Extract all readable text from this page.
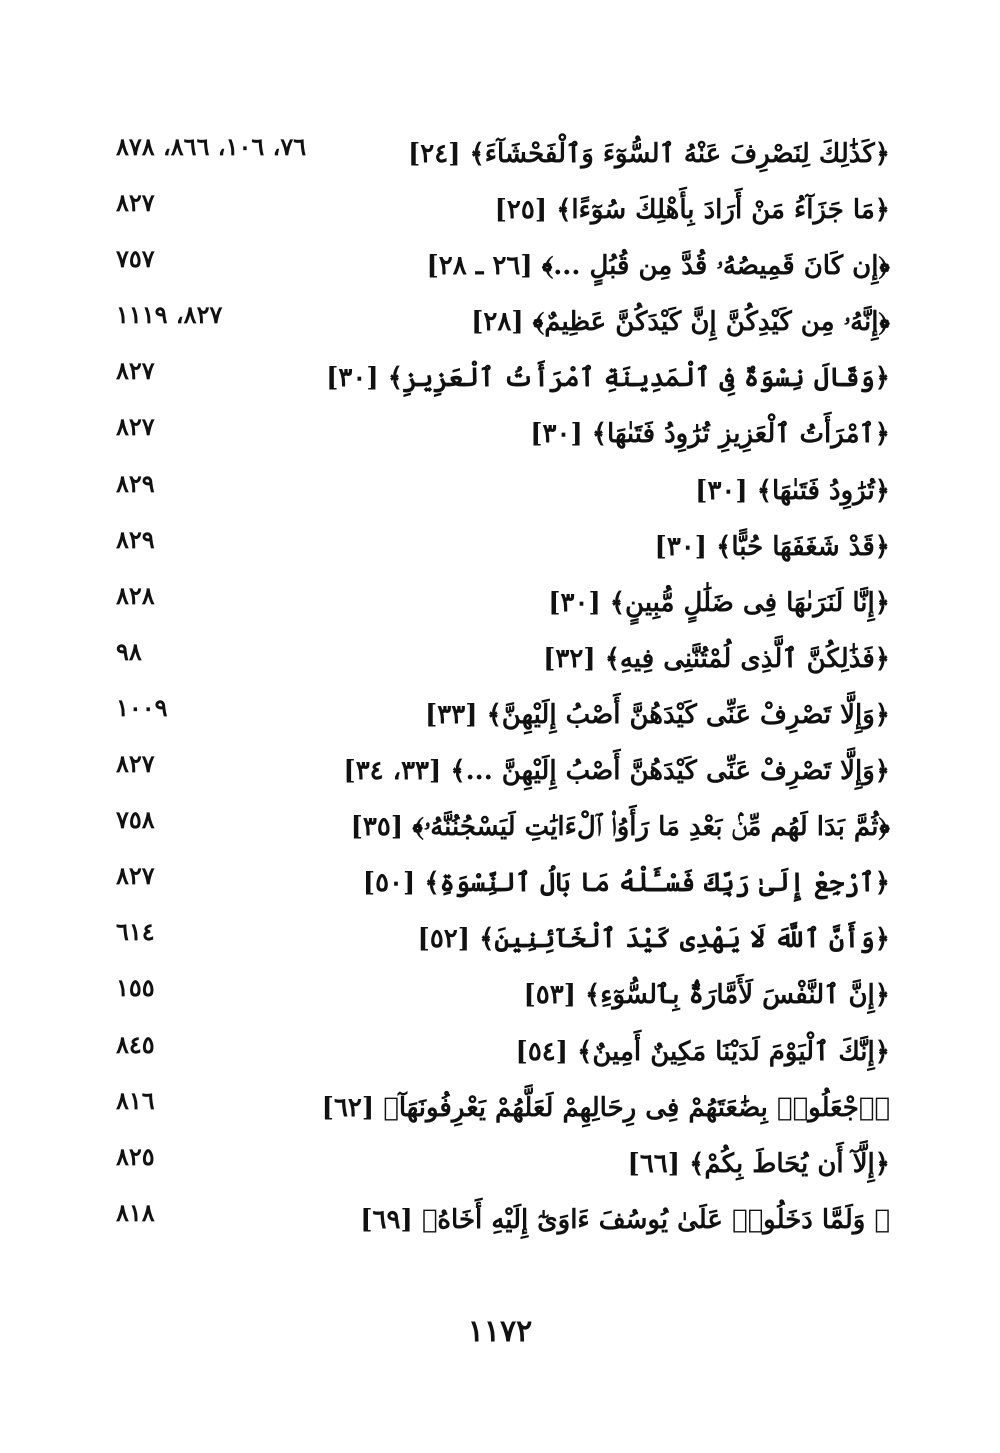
﴿كَذَٰلِكَ لِنَصْرِفَ عَنْهُ ٱلسُّوٓءَ وَٱلْفَحْشَآءَ﴾ [٢٤]
٧٦، ١٠٦، ٨٦٦، ٨٧٨
﴿مَا جَزَآءُ مَنْ أَرَادَ بِأَهْلِكَ سُوٓءًا﴾ [٢٥]
٨٢٧
﴿إِن كَانَ قَمِيصُهُۥ قُدَّ مِن قُبُلٍ ...﴾ [٢٦ ـ ٢٨]
٧٥٧
﴿إِنَّهُۥ مِن كَيْدِكُنَّ إِنَّ كَيْدَكُنَّ عَظِيمٌ﴾ [٢٨]
٨٢٧، ١١١٩
﴿وَقَالَ نِسْوَةٌ فِى ٱلْمَدِينَةِ ٱمْرَأَتُ ٱلْعَزِيزِ﴾ [٣٠]
٨٢٧
﴿ٱمْرَأَتُ ٱلْعَزِيزِ تُرَٰوِدُ فَتَىٰهَا﴾ [٣٠]
٨٢٧
﴿تُرَٰوِدُ فَتَىٰهَا﴾ [٣٠]
٨٢٩
﴿قَدْ شَغَفَهَا حُبًّا﴾ [٣٠]
٨٢٩
﴿إِنَّا لَنَرَىٰهَا فِى ضَلَٰلٍ مُّبِينٍ﴾ [٣٠]
٨٢٨
﴿فَذَٰلِكُنَّ ٱلَّذِى لُمْتُنَّنِى فِيهِ﴾ [٣٢]
٩٨
﴿وَإِلَّا تَصْرِفْ عَنِّى كَيْدَهُنَّ أَصْبُ إِلَيْهِنَّ﴾ [٣٣]
١٠٠٩
﴿وَإِلَّا تَصْرِفْ عَنِّى كَيْدَهُنَّ أَصْبُ إِلَيْهِنَّ ...﴾ [٣٣، ٣٤]
٨٢٧
﴿ثُمَّ بَدَا لَهُم مِّنۢ بَعْدِ مَا رَأَوُا۟ ٱلْءَايَٰتِ لَيَسْجُنُنَّهُۥ﴾ [٣٥]
٧٥٨
﴿ٱرْجِعْ إِلَىٰ رَبِّكَ فَسْـَٔلْهُ مَا بَالُ ٱلنِّسْوَةِ﴾ [٥٠]
٨٢٧
﴿وَأَنَّ ٱللَّهَ لَا يَهْدِى كَيْدَ ٱلْخَآئِنِينَ﴾ [٥٢]
٦١٤
﴿إِنَّ ٱلنَّفْسَ لَأَمَّارَةٌۢ بِٱلسُّوٓءِ﴾ [٥٣]
١٥٥
﴿إِنَّكَ ٱلْيَوْمَ لَدَيْنَا مَكِينٌ أَمِينٌ﴾ [٥٤]
٨٤٥
﴿ٱجْعَلُوا۟ بِضَٰعَتَهُمْ فِى رِحَالِهِمْ لَعَلَّهُمْ يَعْرِفُونَهَآ﴾ [٦٢]
٨١٦
﴿إِلَّآ أَن يُحَاطَ بِكُمْ﴾ [٦٦]
٨٢٥
﴿ وَلَمَّا دَخَلُوا۟ عَلَىٰ يُوسُفَ ءَاوَىٰٓ إِلَيْهِ أَخَاهُ﴾ [٦٩]
٨١٨
١١٧٢
